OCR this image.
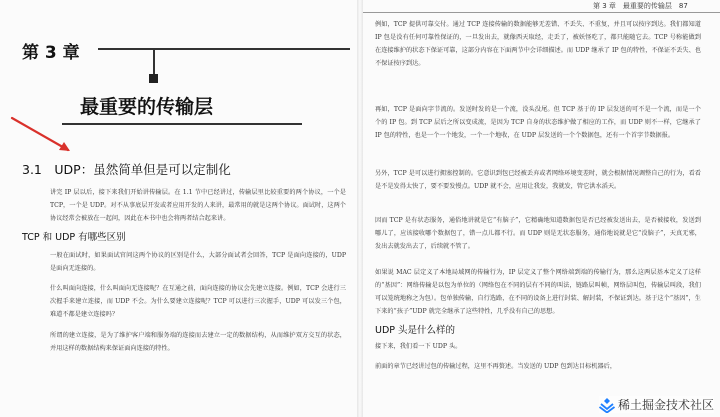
第 3 章
最重要的传输层
3.1　UDP：虽然简单但是可以定制化
讲完 IP 层以后，接下来我们开始讲传输层。在 1.1 节中已经讲过，传输层里比较重要的两个协议，一个是 TCP，一个是 UDP。对不从事底层开发或者应用开发的人来讲，最常用的就是这两个协议。面试时，这两个协议经常会被放在一起问，因此在本书中也会将两者结合起来讲。
TCP 和 UDP 有哪些区别
一般在面试时，如果面试官问这两个协议的区别是什么，大部分面试者会回答，TCP 是面向连接的，UDP 是面向无连接的。
什么叫面向连接，什么叫面向无连接呢？在互通之前，面向连接的协议会先建立连接。例如，TCP 会进行三次握手来建立连接，而 UDP 不会。为什么要建立连接呢？TCP 可以进行三次握手，UDP 可以发三个包，难道不都是建立连接吗？
所谓的建立连接，是为了维护客户端和服务端的连接而去建立一定的数据结构，从而维护双方交互的状态，并用这样的数据结构来保证面向连接的特性。
第 3 章　最重要的传输层　87
例如，TCP 提供可靠交付。通过 TCP 连接传输的数据能够无差错、不丢失、不重复，并且可以按序到达。我们都知道 IP 包是没有任何可靠性保证的，一旦发出去，就像西天取经，走丢了，被妖怪吃了，都只能随它去。TCP 号称能做到在连接维护的状态下保证可靠，这部分内容在下面两节中会详细描述。而 UDP 继承了 IP 包的特性，不保证不丢失、也不保证按序到达。
再如，TCP 是面向字节流的。发送时发的是一个流，没头没尾。但 TCP 基于的 IP 层发送的可不是一个流，而是一个个的 IP 包。到 TCP 层后之所以变成流，是因为 TCP 自身的状态维护做了相应的工作，而 UDP 则不一样，它继承了 IP 包的特性，也是一个一个地发，一个一个地收，在 UDP 层发送的一个个数据包，还有一个首字节数据报。
另外，TCP 是可以进行拥塞控制的。它意识到包已经被丢弃或者网络环境变差时，就会根据情况调整自己的行为，看看是不是发得太快了，要不要发慢点。UDP 就不会，应用让我发，我就发，管它洪水滔天。
因而 TCP 是有状态服务，通俗地讲就是它“有脑子”，它精确地知道数据包是否已经被发送出去，是否被接收，发送到哪儿了，应该接收哪个数据包了，错一点儿都不行。而 UDP 则是无状态服务，通俗地说就是它“没脑子”，天真无邪，发出去就发出去了，后续就不管了。
如果说 MAC 层定义了本地局域网的传输行为，IP 层定义了整个网络端到端的传输行为，那么这两层基本定义了这样的“基因”：网络传输是以包为单位的（网络包在不同的层有不同的叫法，链路层叫帧，网络层叫包，传输层叫段，我们可以笼统地称之为包）。包单独传输，自行选路，在不同的设备上进行封装、解封装，不保证到达。基于这个“基因”，生下来的“孩子”UDP 就完全继承了这些特性，几乎没有自己的思想。
UDP 头是什么样的
接下来，我们看一下 UDP 头。
前面的章节已经讲过包的传输过程，这里不再赘述。当发送的 UDP 包到达目标机器后，
稀土掘金技术社区
